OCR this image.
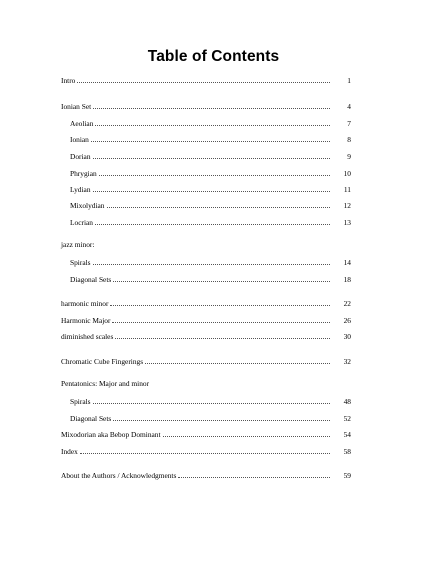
Table of Contents
Intro	1
Ionian Set	4
Aeolian	7
Ionian	8
Dorian	9
Phrygian	10
Lydian	11
Mixolydian	12
Locrian	13
jazz minor:
Spirals	14
Diagonal Sets	18
harmonic minor	22
Harmonic Major	26
diminished scales	30
Chromatic Cube Fingerings	32
Pentatonics: Major and minor
Spirals	48
Diagonal Sets	52
Mixodorian aka Bebop Dominant	54
Index	58
About the Authors / Acknowledgments	59
